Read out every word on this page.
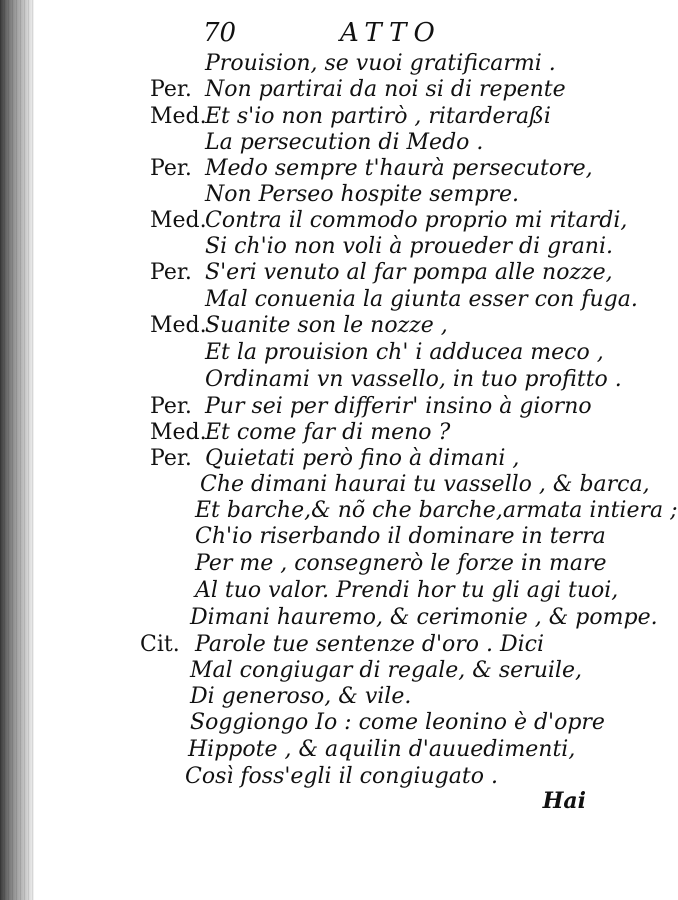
70	ATTO
Per.
Med.
Per.
Med.
Per.
Med.
Per.
Med.
Per.
Cit.
Prouision, se vuoi gratificarmi .
Non partirai da noi si di repente
Et s'io non partirò , ritarderaßi
La persecution di Medo .
Medo sempre t'haurà persecutore,
Non Perseo hospite sempre.
Contra il commodo proprio mi ritardi,
Si ch'io non voli à proueder di grani.
S'eri venuto al far pompa alle nozze,
Mal conuenia la giunta esser con fuga.
Suanite son le nozze ,
Et la prouision ch' i adducea meco ,
Ordinami vn vassello, in tuo profitto .
Pur sei per differir' insino à giorno
Et come far di meno ?
Quietati però fino à dimani ,
Che dimani haurai tu vassello , & barca,
Et barche,& nõ che barche,armata intiera ;
Ch'io riserbando il dominare in terra
Per me , consegnerò le forze in mare
Al tuo valor. Prendi hor tu gli agi tuoi,
Dimani hauremo, & cerimonie , & pompe.
Parole tue sentenze d'oro . Dici
Mal congiugar di regale, & seruile,
Di generoso, & vile.
Soggiongo Io : come leonino è d'opre
Hippote , & aquilin d'auuedimenti,
Così foss'egli il congiugato .
Hai
